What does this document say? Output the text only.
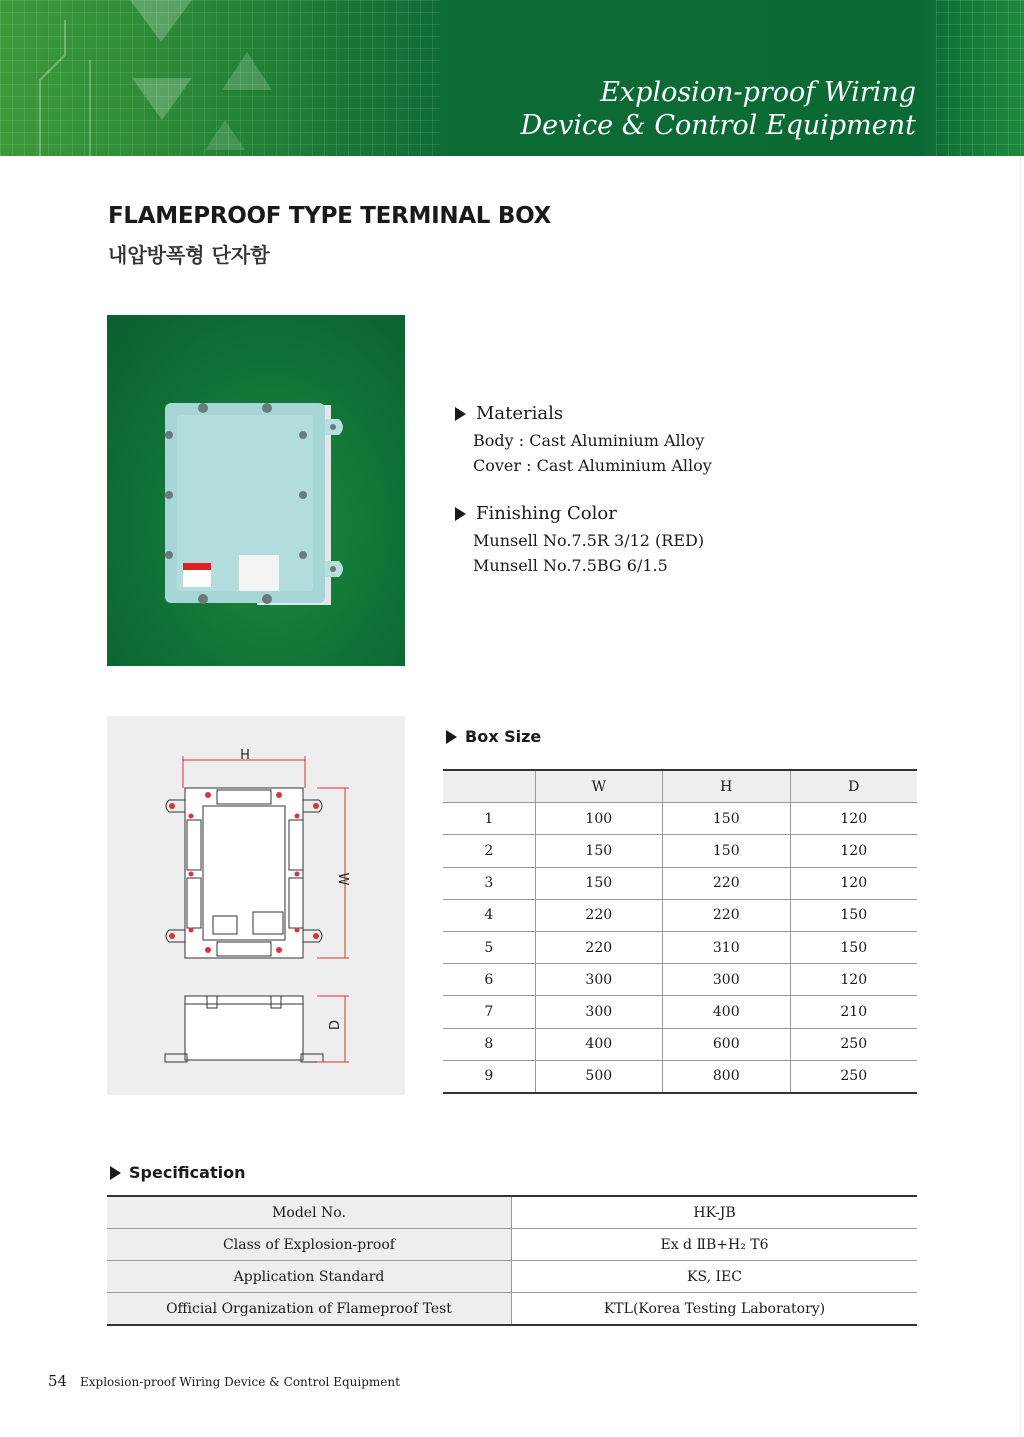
Explosion-proof Wiring
Device & Control Equipment
FLAMEPROOF TYPE TERMINAL BOX
내압방폭형 단자함
Materials
Body : Cast Aluminium Alloy
Cover : Cast Aluminium Alloy
Finishing Color
Munsell No.7.5R 3/12 (RED)
Munsell No.7.5BG 6/1.5
H
W
D
Box Size
	W	H	D
1	100	150	120
2	150	150	120
3	150	220	120
4	220	220	150
5	220	310	150
6	300	300	120
7	300	400	210
8	400	600	250
9	500	800	250
Specification
Model No.	HK-JB
Class of Explosion-proof	Ex d ⅡB+H₂ T6
Application Standard	KS, IEC
Official Organization of Flameproof Test	KTL(Korea Testing Laboratory)
54 Explosion-proof Wiring Device & Control Equipment
